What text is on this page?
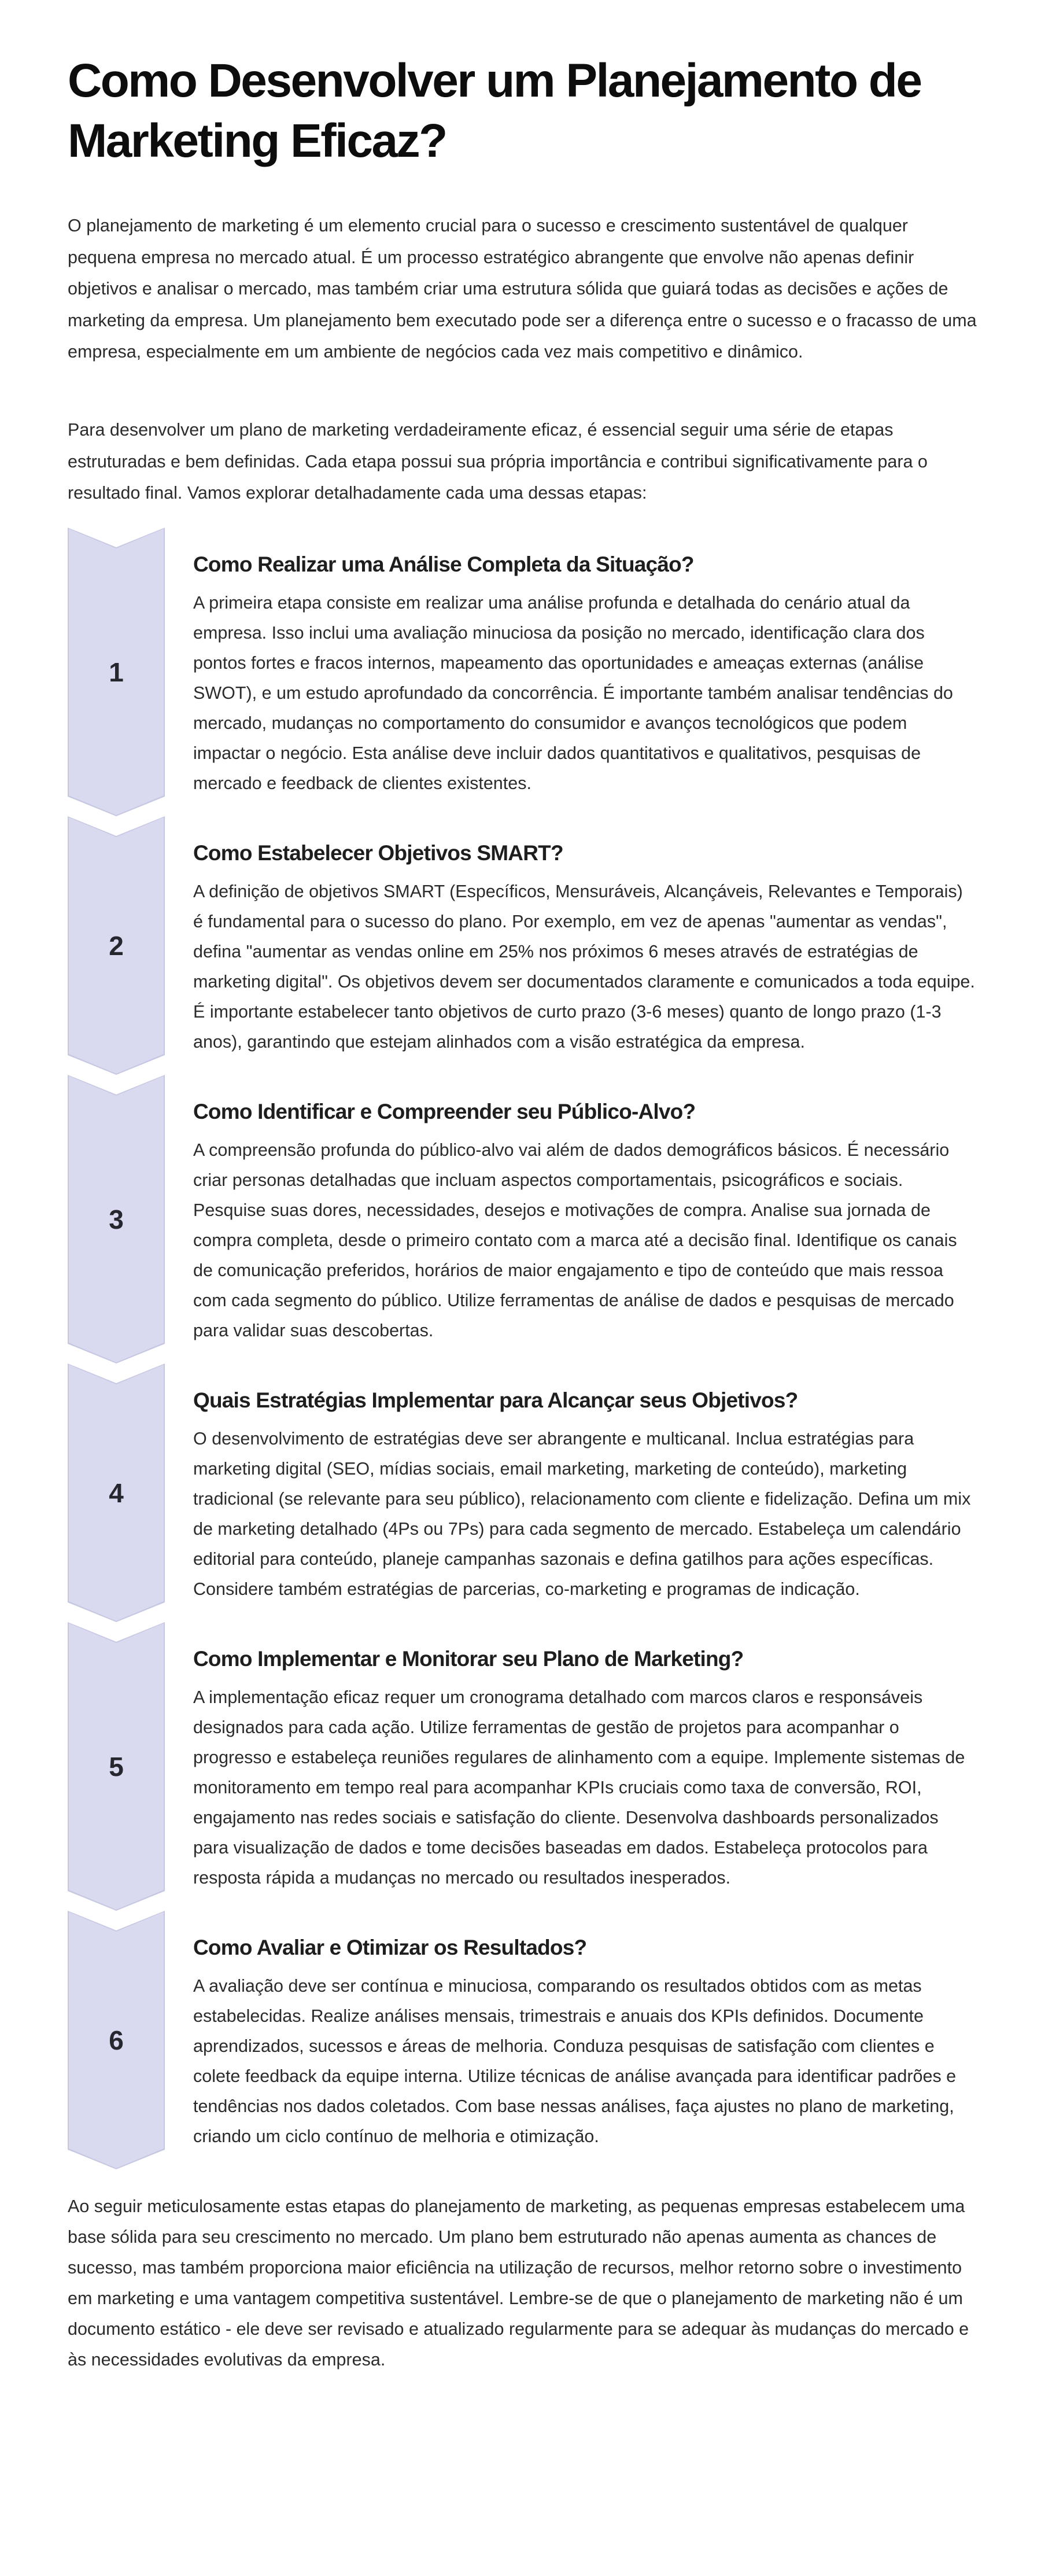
Como Desenvolver um Planejamento de Marketing Eficaz?

O planejamento de marketing é um elemento crucial para o sucesso e crescimento sustentável de qualquer pequena empresa no mercado atual. É um processo estratégico abrangente que envolve não apenas definir objetivos e analisar o mercado, mas também criar uma estrutura sólida que guiará todas as decisões e ações de marketing da empresa. Um planejamento bem executado pode ser a diferença entre o sucesso e o fracasso de uma empresa, especialmente em um ambiente de negócios cada vez mais competitivo e dinâmico.

Para desenvolver um plano de marketing verdadeiramente eficaz, é essencial seguir uma série de etapas estruturadas e bem definidas. Cada etapa possui sua própria importância e contribui significativamente para o resultado final. Vamos explorar detalhadamente cada uma dessas etapas:

1
Como Realizar uma Análise Completa da Situação?

A primeira etapa consiste em realizar uma análise profunda e detalhada do cenário atual da empresa. Isso inclui uma avaliação minuciosa da posição no mercado, identificação clara dos pontos fortes e fracos internos, mapeamento das oportunidades e ameaças externas (análise SWOT), e um estudo aprofundado da concorrência. É importante também analisar tendências do mercado, mudanças no comportamento do consumidor e avanços tecnológicos que podem impactar o negócio. Esta análise deve incluir dados quantitativos e qualitativos, pesquisas de mercado e feedback de clientes existentes.

2
Como Estabelecer Objetivos SMART?

A definição de objetivos SMART (Específicos, Mensuráveis, Alcançáveis, Relevantes e Temporais) é fundamental para o sucesso do plano. Por exemplo, em vez de apenas "aumentar as vendas", defina "aumentar as vendas online em 25% nos próximos 6 meses através de estratégias de marketing digital". Os objetivos devem ser documentados claramente e comunicados a toda equipe. É importante estabelecer tanto objetivos de curto prazo (3-6 meses) quanto de longo prazo (1-3 anos), garantindo que estejam alinhados com a visão estratégica da empresa.

3
Como Identificar e Compreender seu Público-Alvo?

A compreensão profunda do público-alvo vai além de dados demográficos básicos. É necessário criar personas detalhadas que incluam aspectos comportamentais, psicográficos e sociais. Pesquise suas dores, necessidades, desejos e motivações de compra. Analise sua jornada de compra completa, desde o primeiro contato com a marca até a decisão final. Identifique os canais de comunicação preferidos, horários de maior engajamento e tipo de conteúdo que mais ressoa com cada segmento do público. Utilize ferramentas de análise de dados e pesquisas de mercado para validar suas descobertas.

4
Quais Estratégias Implementar para Alcançar seus Objetivos?

O desenvolvimento de estratégias deve ser abrangente e multicanal. Inclua estratégias para marketing digital (SEO, mídias sociais, email marketing, marketing de conteúdo), marketing tradicional (se relevante para seu público), relacionamento com cliente e fidelização. Defina um mix de marketing detalhado (4Ps ou 7Ps) para cada segmento de mercado. Estabeleça um calendário editorial para conteúdo, planeje campanhas sazonais e defina gatilhos para ações específicas. Considere também estratégias de parcerias, co-marketing e programas de indicação.

5
Como Implementar e Monitorar seu Plano de Marketing?

A implementação eficaz requer um cronograma detalhado com marcos claros e responsáveis designados para cada ação. Utilize ferramentas de gestão de projetos para acompanhar o progresso e estabeleça reuniões regulares de alinhamento com a equipe. Implemente sistemas de monitoramento em tempo real para acompanhar KPIs cruciais como taxa de conversão, ROI, engajamento nas redes sociais e satisfação do cliente. Desenvolva dashboards personalizados para visualização de dados e tome decisões baseadas em dados. Estabeleça protocolos para resposta rápida a mudanças no mercado ou resultados inesperados.

6
Como Avaliar e Otimizar os Resultados?

A avaliação deve ser contínua e minuciosa, comparando os resultados obtidos com as metas estabelecidas. Realize análises mensais, trimestrais e anuais dos KPIs definidos. Documente aprendizados, sucessos e áreas de melhoria. Conduza pesquisas de satisfação com clientes e colete feedback da equipe interna. Utilize técnicas de análise avançada para identificar padrões e tendências nos dados coletados. Com base nessas análises, faça ajustes no plano de marketing, criando um ciclo contínuo de melhoria e otimização.

Ao seguir meticulosamente estas etapas do planejamento de marketing, as pequenas empresas estabelecem uma base sólida para seu crescimento no mercado. Um plano bem estruturado não apenas aumenta as chances de sucesso, mas também proporciona maior eficiência na utilização de recursos, melhor retorno sobre o investimento em marketing e uma vantagem competitiva sustentável. Lembre-se de que o planejamento de marketing não é um documento estático - ele deve ser revisado e atualizado regularmente para se adequar às mudanças do mercado e às necessidades evolutivas da empresa.
